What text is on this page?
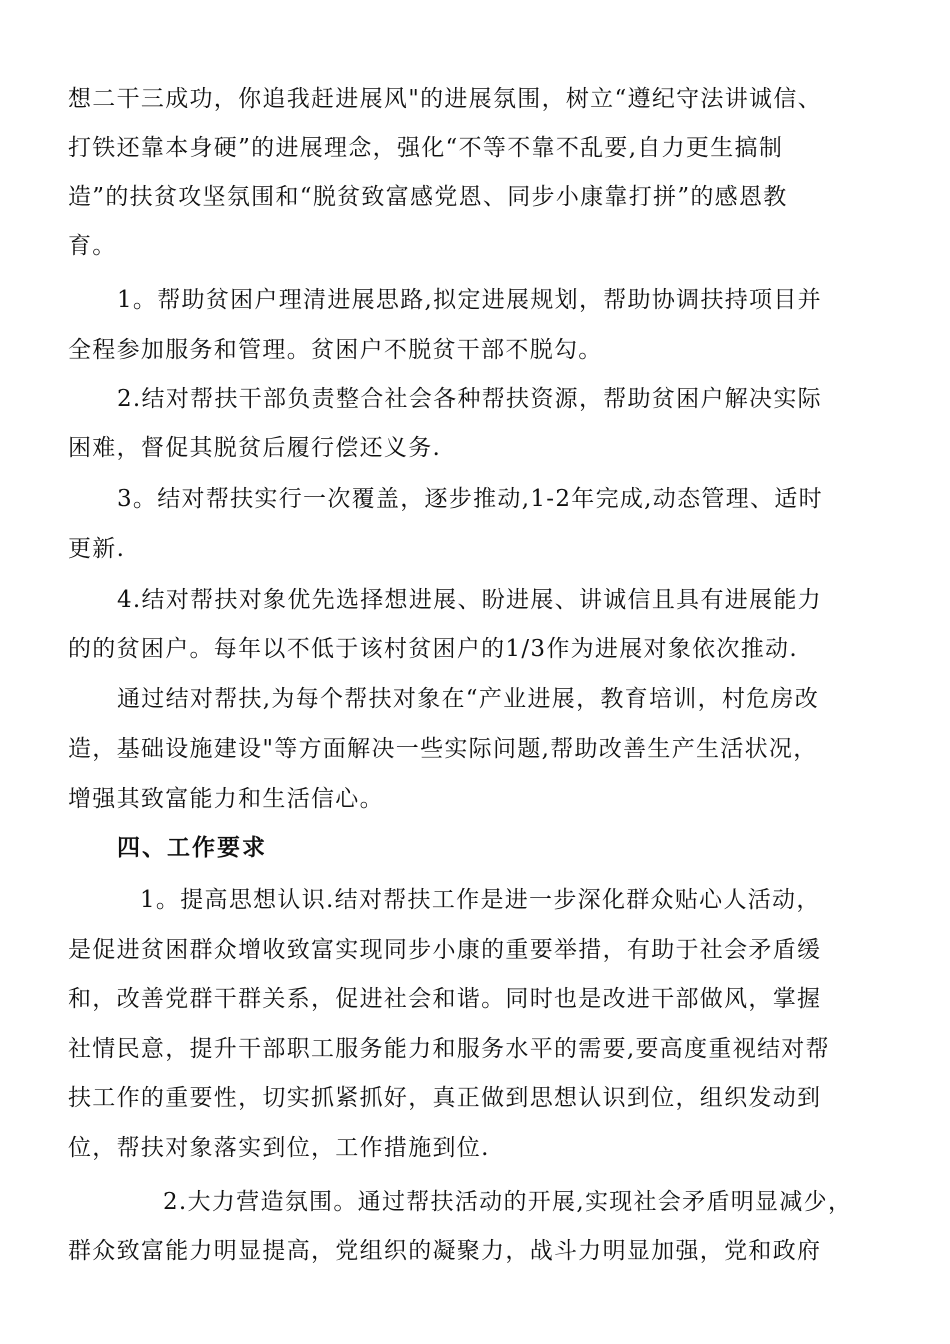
想二干三成功，你追我赶进展风"的进展氛围，树立“遵纪守法讲诚信、
打铁还靠本身硬”的进展理念，强化“不等不靠不乱要,自力更生搞制
造”的扶贫攻坚氛围和“脱贫致富感党恩、同步小康靠打拼”的感恩教
育。
1。帮助贫困户理清进展思路,拟定进展规划，帮助协调扶持项目并
全程参加服务和管理。贫困户不脱贫干部不脱勾。
2.结对帮扶干部负责整合社会各种帮扶资源，帮助贫困户解决实际
困难，督促其脱贫后履行偿还义务.
3。结对帮扶实行一次覆盖，逐步推动,1-2年完成,动态管理、适时
更新.
4.结对帮扶对象优先选择想进展、盼进展、讲诚信且具有进展能力
的的贫困户。每年以不低于该村贫困户的1/3作为进展对象依次推动.
通过结对帮扶,为每个帮扶对象在“产业进展，教育培训，村危房改
造，基础设施建设"等方面解决一些实际问题,帮助改善生产生活状况，
增强其致富能力和生活信心。
四、工作要求
1。提高思想认识.结对帮扶工作是进一步深化群众贴心人活动，
是促进贫困群众增收致富实现同步小康的重要举措，有助于社会矛盾缓
和，改善党群干群关系，促进社会和谐。同时也是改进干部做风，掌握
社情民意，提升干部职工服务能力和服务水平的需要,要高度重视结对帮
扶工作的重要性，切实抓紧抓好，真正做到思想认识到位，组织发动到
位，帮扶对象落实到位，工作措施到位.
2.大力营造氛围。通过帮扶活动的开展,实现社会矛盾明显减少，
群众致富能力明显提高，党组织的凝聚力，战斗力明显加强，党和政府
